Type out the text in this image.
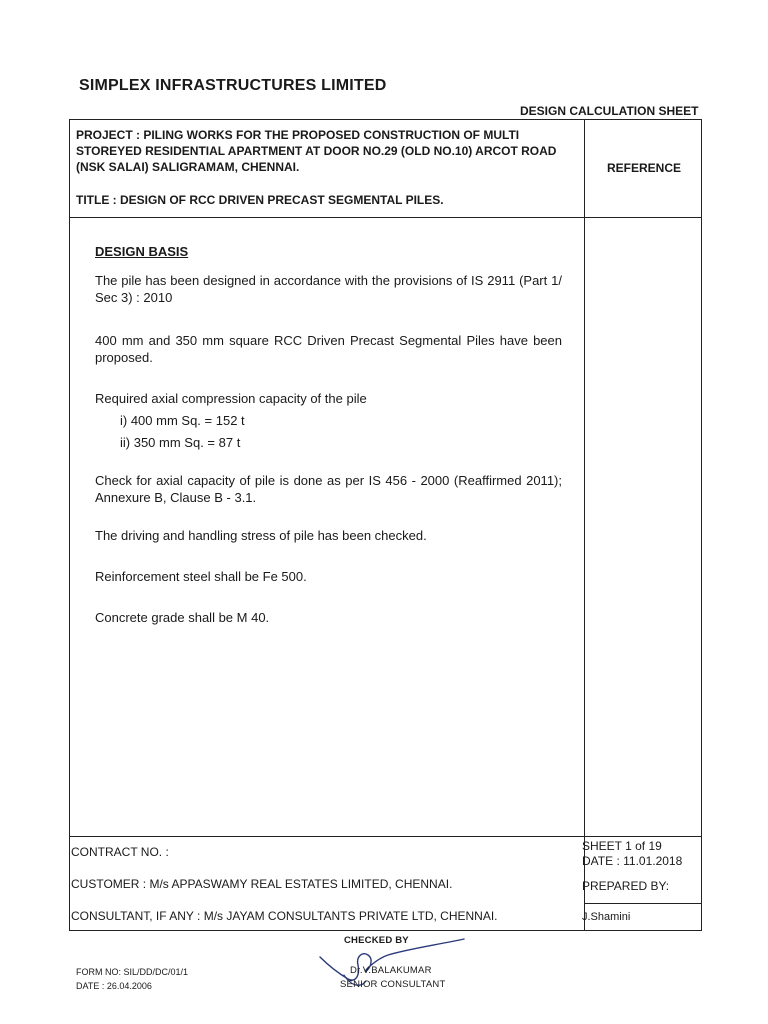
SIMPLEX INFRASTRUCTURES LIMITED
DESIGN CALCULATION SHEET
PROJECT : PILING WORKS FOR THE PROPOSED CONSTRUCTION OF MULTI
STOREYED RESIDENTIAL APARTMENT AT DOOR NO.29 (OLD NO.10) ARCOT ROAD
(NSK SALAI) SALIGRAMAM, CHENNAI.	REFERENCE
TITLE : DESIGN OF RCC DRIVEN PRECAST SEGMENTAL PILES.
DESIGN BASIS
The pile has been designed in accordance with the provisions of IS 2911 (Part 1/ Sec 3) : 2010
400 mm and 350 mm square RCC Driven Precast Segmental Piles have been proposed.
Required axial compression capacity of the pile
i) 400 mm Sq. = 152 t
ii) 350 mm Sq. = 87 t
Check for axial capacity of pile is done as per IS 456 - 2000 (Reaffirmed 2011); Annexure B, Clause B - 3.1.
The driving and handling stress of pile has been checked.
Reinforcement steel shall be Fe 500.
Concrete grade shall be M 40.
CONTRACT NO. :
CUSTOMER : M/s APPASWAMY REAL ESTATES LIMITED, CHENNAI.
CONSULTANT, IF ANY : M/s JAYAM CONSULTANTS PRIVATE LTD, CHENNAI.
SHEET 1 of 19
DATE : 11.01.2018
PREPARED BY:
J.Shamini
CHECKED BY
Dr.V.BALAKUMAR
SENIOR CONSULTANT
FORM NO: SIL/DD/DC/01/1
DATE : 26.04.2006
